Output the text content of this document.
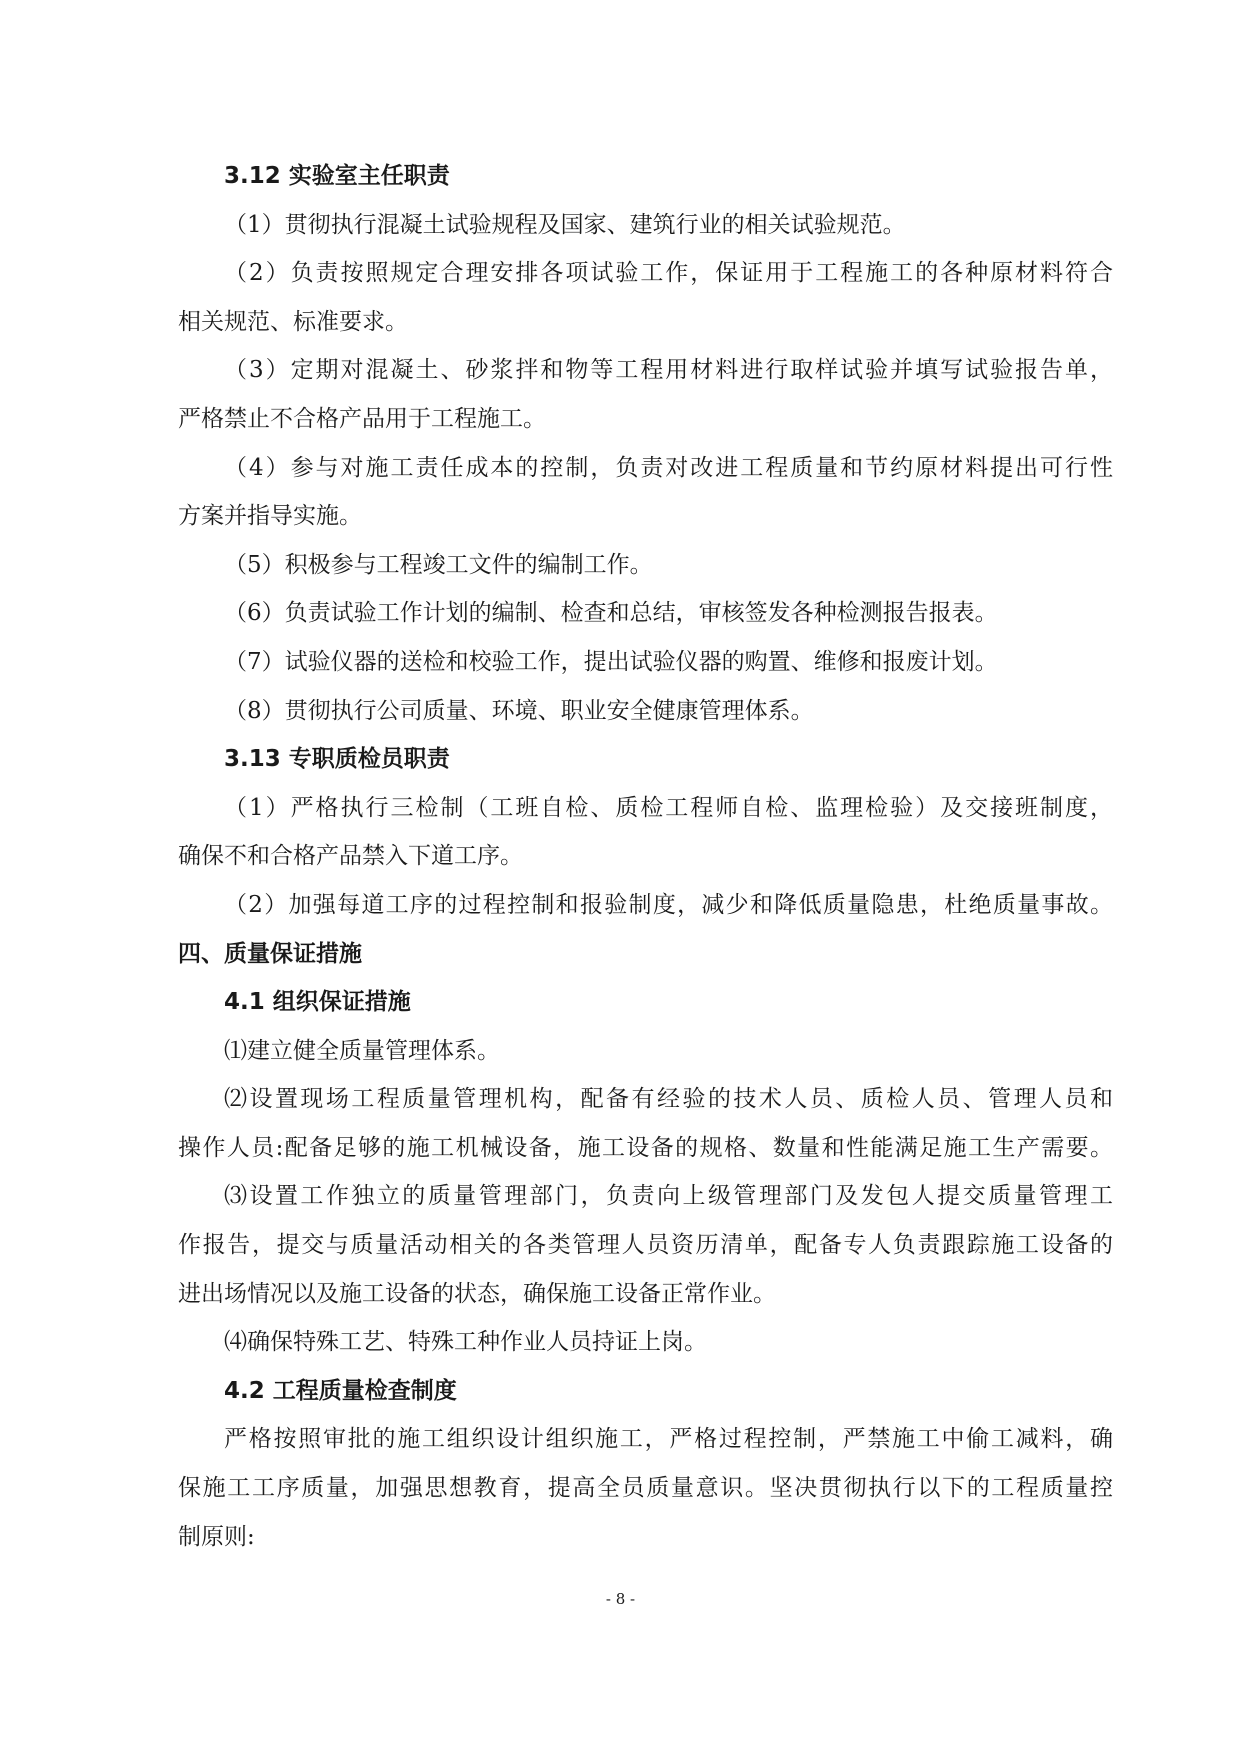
3.12 实验室主任职责
（1）贯彻执行混凝土试验规程及国家、建筑行业的相关试验规范。
（2）负责按照规定合理安排各项试验工作，保证用于工程施工的各种原材料符合
相关规范、标准要求。
（3）定期对混凝土、砂浆拌和物等工程用材料进行取样试验并填写试验报告单，
严格禁止不合格产品用于工程施工。
（4）参与对施工责任成本的控制，负责对改进工程质量和节约原材料提出可行性
方案并指导实施。
（5）积极参与工程竣工文件的编制工作。
（6）负责试验工作计划的编制、检查和总结，审核签发各种检测报告报表。
（7）试验仪器的送检和校验工作，提出试验仪器的购置、维修和报废计划。
（8）贯彻执行公司质量、环境、职业安全健康管理体系。
3.13 专职质检员职责
（1）严格执行三检制（工班自检、质检工程师自检、监理检验）及交接班制度，
确保不和合格产品禁入下道工序。
（2）加强每道工序的过程控制和报验制度，减少和降低质量隐患，杜绝质量事故。
四、质量保证措施
4.1 组织保证措施
⑴建立健全质量管理体系。
⑵设置现场工程质量管理机构，配备有经验的技术人员、质检人员、管理人员和
操作人员:配备足够的施工机械设备，施工设备的规格、数量和性能满足施工生产需要。
⑶设置工作独立的质量管理部门，负责向上级管理部门及发包人提交质量管理工
作报告，提交与质量活动相关的各类管理人员资历清单，配备专人负责跟踪施工设备的
进出场情况以及施工设备的状态，确保施工设备正常作业。
⑷确保特殊工艺、特殊工种作业人员持证上岗。
4.2 工程质量检查制度
严格按照审批的施工组织设计组织施工，严格过程控制，严禁施工中偷工减料，确
保施工工序质量，加强思想教育，提高全员质量意识。坚决贯彻执行以下的工程质量控
制原则:
- 8 -
